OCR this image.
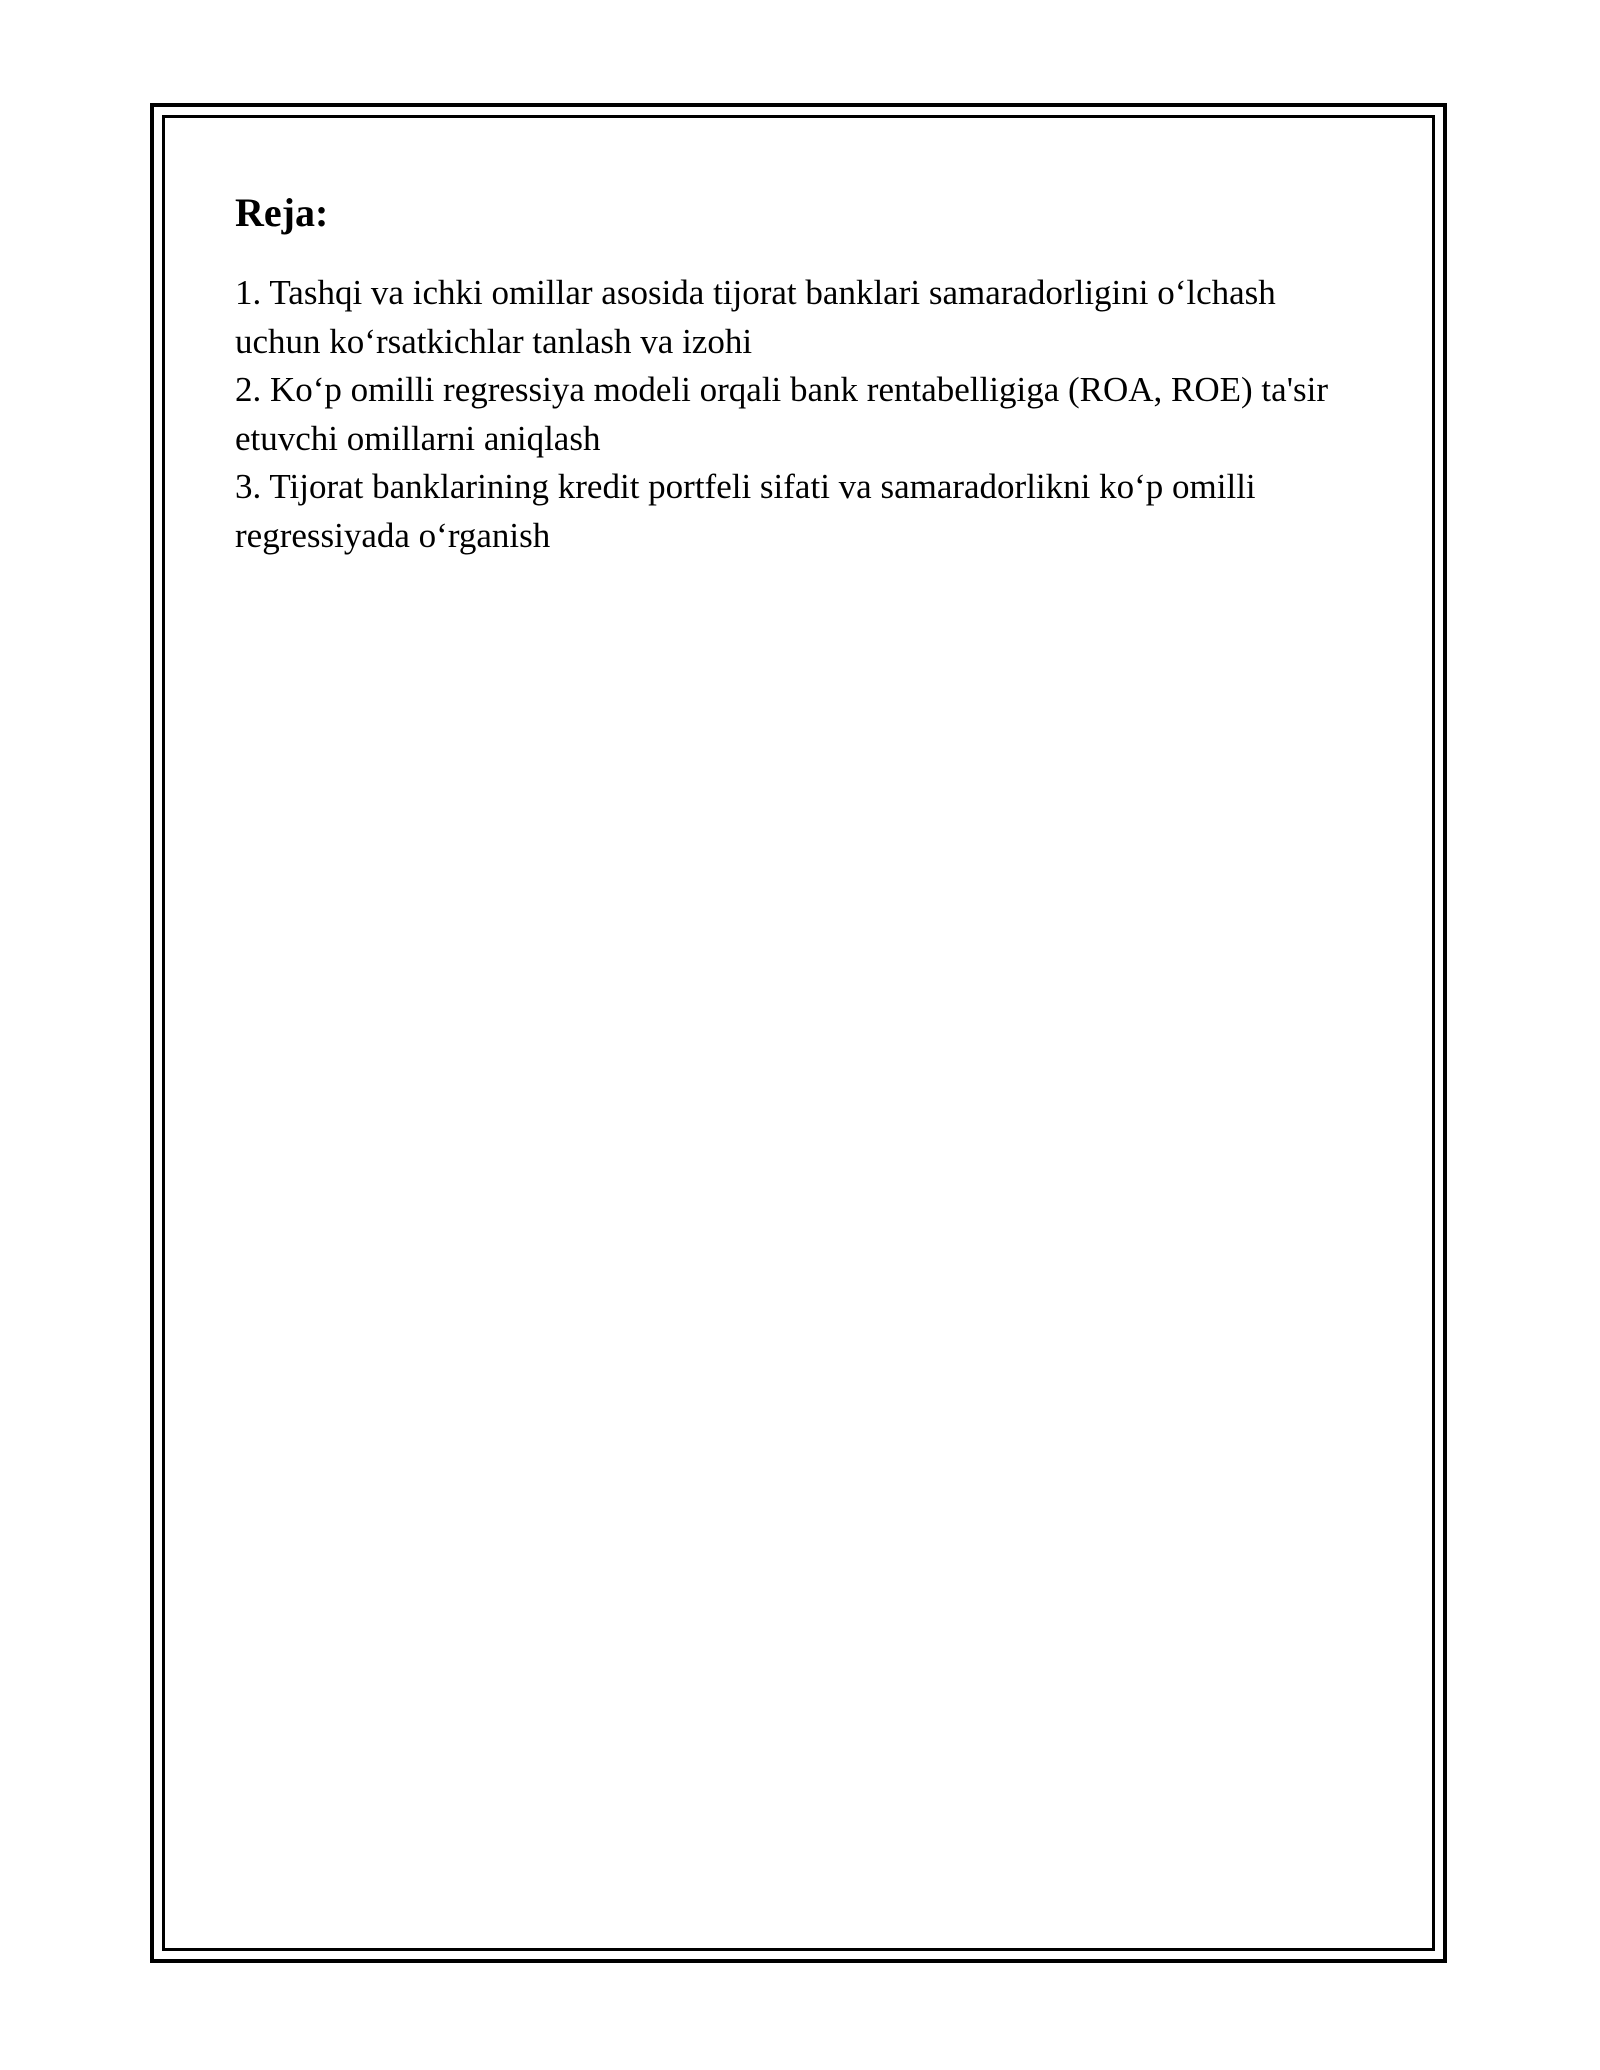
Reja:
1. Tashqi va ichki omillar asosida tijorat banklari samaradorligini o‘lchash uchun ko‘rsatkichlar tanlash va izohi
2. Ko‘p omilli regressiya modeli orqali bank rentabelligiga (ROA, ROE) ta'sir etuvchi omillarni aniqlash
3. Tijorat banklarining kredit portfeli sifati va samaradorlikni ko‘p omilli regressiyada o‘rganish
